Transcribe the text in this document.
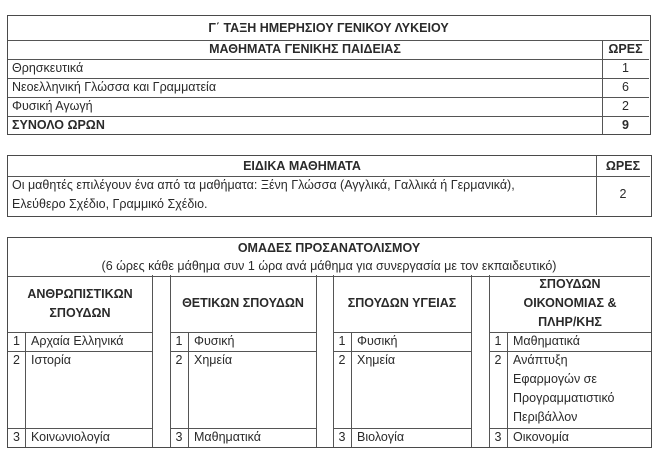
Γ΄ ΤΑΞΗ ΗΜΕΡΗΣΙΟΥ ΓΕΝΙΚΟΥ ΛΥΚΕΙΟΥ
ΜΑΘΗΜΑΤΑ ΓΕΝΙΚΗΣ ΠΑΙΔΕΙΑΣ	ΩΡΕΣ
Θρησκευτικά	1
Νεοελληνική Γλώσσα και Γραμματεία	6
Φυσική Αγωγή	2
ΣΥΝΟΛΟ ΩΡΩΝ	9
ΕΙΔΙΚΑ ΜΑΘΗΜΑΤΑ	ΩΡΕΣ
Οι μαθητές επιλέγουν ένα από τα μαθήματα: Ξένη Γλώσσα (Αγγλικά, Γαλλικά ή Γερμανικά),
Ελεύθερο Σχέδιο, Γραμμικό Σχέδιο.
2
ΟΜΑΔΕΣ ΠΡΟΣΑΝΑΤΟΛΙΣΜΟΥ
(6 ώρες κάθε μάθημα συν 1 ώρα ανά μάθημα για συνεργασία με τον εκπαιδευτικό)
ΑΝΘΡΩΠΙΣΤΙΚΩΝ
ΣΠΟΥΔΩΝ
1 Αρχαία Ελληνικά
2 Ιστορία
3 Κοινωνιολογία
ΘΕΤΙΚΩΝ ΣΠΟΥΔΩΝ
1 Φυσική
2 Χημεία
3 Μαθηματικά
ΣΠΟΥΔΩΝ ΥΓΕΙΑΣ
1 Φυσική
2 Χημεία
3 Βιολογία
ΣΠΟΥΔΩΝ
ΟΙΚΟΝΟΜΙΑΣ &
ΠΛΗΡ/ΚΗΣ
1 Μαθηματικά
2 Ανάπτυξη
Εφαρμογών σε
Προγραμματιστικό
Περιβάλλον
3 Οικονομία
